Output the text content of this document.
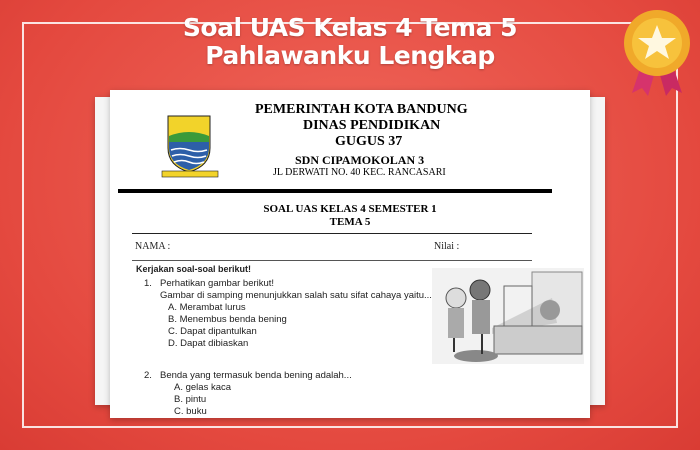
Soal UAS Kelas 4 Tema 5
Pahlawanku Lengkap
PEMERINTAH KOTA BANDUNG
DINAS PENDIDIKAN
GUGUS 37
SDN CIPAMOKOLAN 3
JL DERWATI NO. 40 KEC. RANCASARI
SOAL UAS KELAS 4 SEMESTER 1
TEMA 5
NAMA :	Nilai :
Kerjakan soal-soal berikut!
1. Perhatikan gambar berikut!
Gambar di samping menunjukkan salah satu sifat cahaya yaitu...
A. Merambat lurus
B. Menembus benda bening
C. Dapat dipantulkan
D. Dapat dibiaskan
2. Benda yang termasuk benda bening adalah...
A. gelas kaca
B. pintu
C. buku
